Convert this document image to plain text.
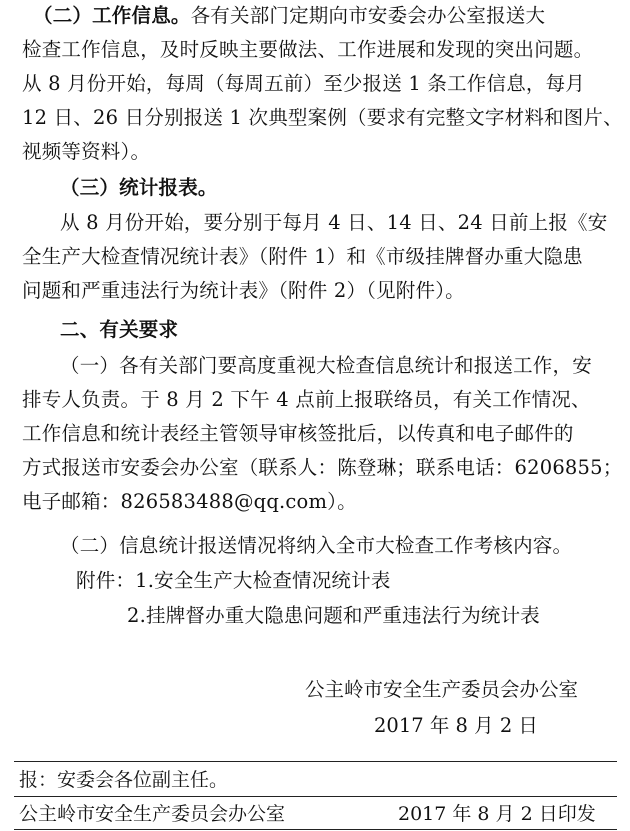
（二）工作信息。各有关部门定期向市安委会办公室报送大
检查工作信息，及时反映主要做法、工作进展和发现的突出问题。
从 8 月份开始，每周（每周五前）至少报送 1 条工作信息，每月
12 日、26 日分别报送 1 次典型案例（要求有完整文字材料和图片、
视频等资料）。
（三）统计报表。
从 8 月份开始，要分别于每月 4 日、14 日、24 日前上报《安
全生产大检查情况统计表》（附件 1）和《市级挂牌督办重大隐患
问题和严重违法行为统计表》（附件 2）（见附件）。
二、有关要求
（一）各有关部门要高度重视大检查信息统计和报送工作，安
排专人负责。于 8 月 2 下午 4 点前上报联络员，有关工作情况、
工作信息和统计表经主管领导审核签批后，以传真和电子邮件的
方式报送市安委会办公室（联系人：陈登琳；联系电话：6206855；
电子邮箱：826583488@qq.com）。
（二）信息统计报送情况将纳入全市大检查工作考核内容。
附件：1.安全生产大检查情况统计表
2.挂牌督办重大隐患问题和严重违法行为统计表
公主岭市安全生产委员会办公室
2017 年 8 月 2 日
报：安委会各位副主任。
公主岭市安全生产委员会办公室	2017 年 8 月 2 日印发
